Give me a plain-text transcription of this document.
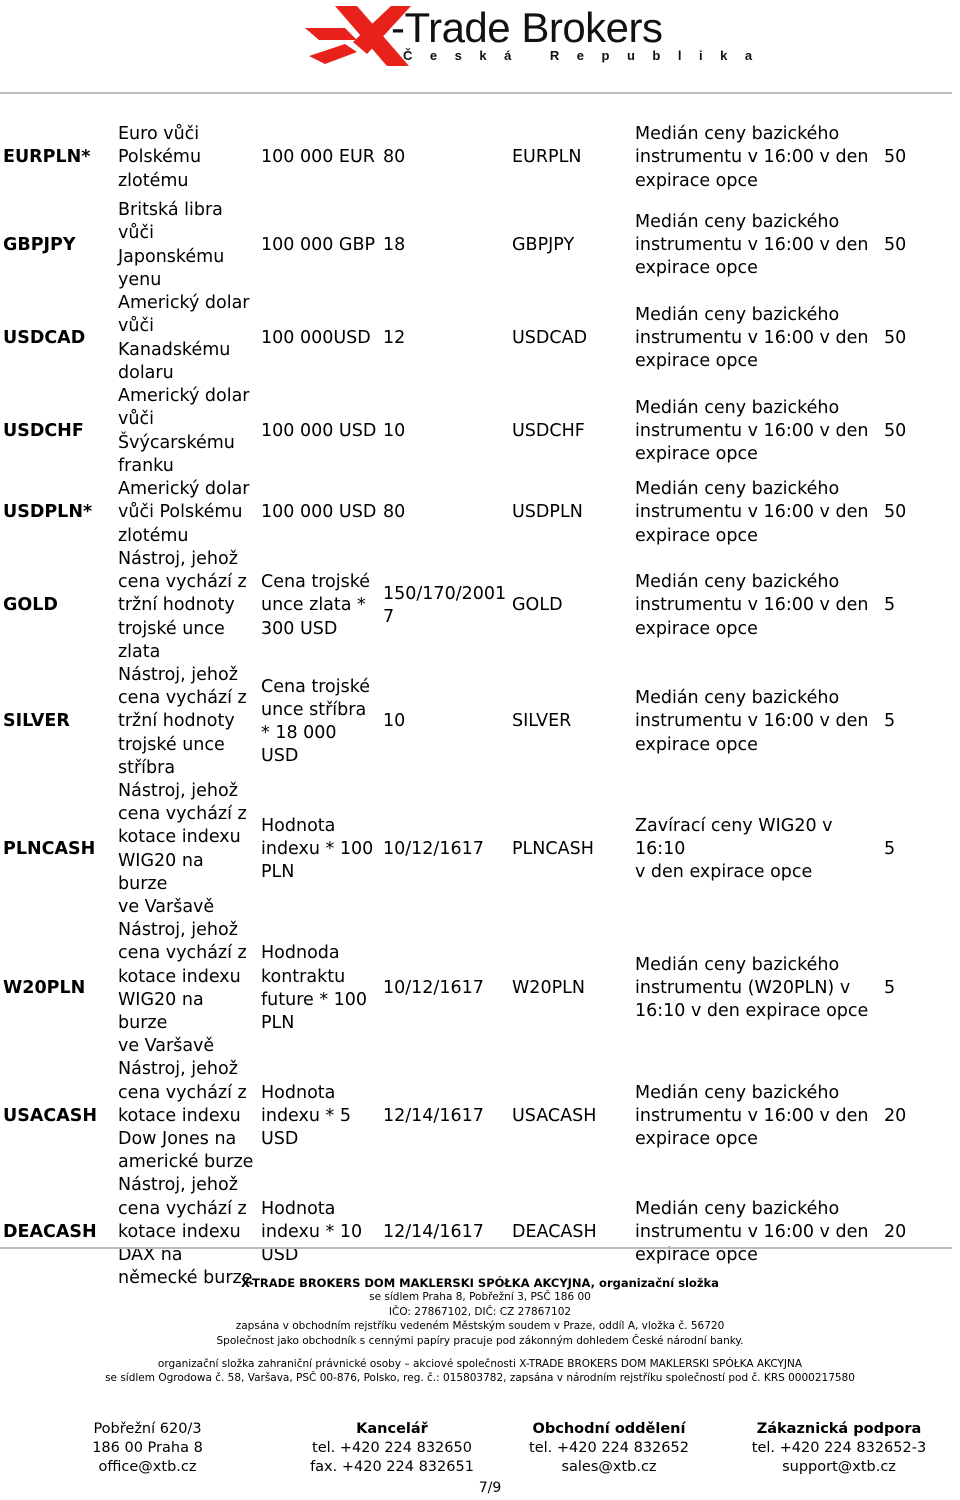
-Trade Brokers
Česká Republika
EURPLN*	Euro vůči
Polskému
zlotému	100 000 EUR	80	EURPLN	Medián ceny bazického
instrumentu v 16:00 v den
expirace opce	50
GBPJPY	Britská libra
vůči
Japonskému
yenu	100 000 GBP	18	GBPJPY	Medián ceny bazického
instrumentu v 16:00 v den
expirace opce	50
USDCAD	Americký dolar
vůči
Kanadskému
dolaru	100 000USD	12	USDCAD	Medián ceny bazického
instrumentu v 16:00 v den
expirace opce	50
USDCHF	Americký dolar
vůči
Švýcarskému
franku	100 000 USD	10	USDCHF	Medián ceny bazického
instrumentu v 16:00 v den
expirace opce	50
USDPLN*	Americký dolar
vůči Polskému
zlotému	100 000 USD	80	USDPLN	Medián ceny bazického
instrumentu v 16:00 v den
expirace opce	50
GOLD	Nástroj, jehož
cena vychází z
tržní hodnoty
trojské unce
zlata	Cena trojské
unce zlata *
300 USD	150/170/2001
7	GOLD	Medián ceny bazického
instrumentu v 16:00 v den
expirace opce	5
SILVER	Nástroj, jehož
cena vychází z
tržní hodnoty
trojské unce
stříbra	Cena trojské
unce stříbra
* 18 000
USD	10	SILVER	Medián ceny bazického
instrumentu v 16:00 v den
expirace opce	5
PLNCASH	Nástroj, jehož
cena vychází z
kotace indexu
WIG20 na burze
ve Varšavě	Hodnota
indexu * 100
PLN	10/12/1617	PLNCASH	Zavírací ceny WIG20 v 16:10
v den expirace opce	5
W20PLN	Nástroj, jehož
cena vychází z
kotace indexu
WIG20 na burze
ve Varšavě	Hodnoda
kontraktu
future * 100
PLN	10/12/1617	W20PLN	Medián ceny bazického
instrumentu (W20PLN) v
16:10 v den expirace opce	5
USACASH	Nástroj, jehož
cena vychází z
kotace indexu
Dow Jones na
americké burze	Hodnota
indexu * 5
USD	12/14/1617	USACASH	Medián ceny bazického
instrumentu v 16:00 v den
expirace opce	20
DEACASH	Nástroj, jehož
cena vychází z
kotace indexu
DAX na
německé burze	Hodnota
indexu * 10
USD	12/14/1617	DEACASH	Medián ceny bazického
instrumentu v 16:00 v den
expirace opce	20
X-TRADE BROKERS DOM MAKLERSKI SPÓŁKA AKCYJNA, organizační složka
se sídlem Praha 8, Pobřežní 3, PSČ 186 00
IČO: 27867102, DIČ: CZ 27867102
zapsána v obchodním rejstříku vedeném Městským soudem v Praze, oddíl A, vložka č. 56720
Společnost jako obchodník s cennými papíry pracuje pod zákonným dohledem České národní banky.
organizační složka zahraniční právnické osoby – akciové společnosti X-TRADE BROKERS DOM MAKLERSKI SPÓŁKA AKCYJNA
se sídlem Ogrodowa č. 58, Varšava, PSČ 00-876, Polsko, reg. č.: 015803782, zapsána v národním rejstříku společností pod č. KRS 0000217580
Pobřežní 620/3
186 00 Praha 8
office@xtb.cz
Kancelář
tel. +420 224 832650
fax. +420 224 832651
Obchodní oddělení
tel. +420 224 832652
sales@xtb.cz
Zákaznická podpora
tel. +420 224 832652-3
support@xtb.cz
7/9
